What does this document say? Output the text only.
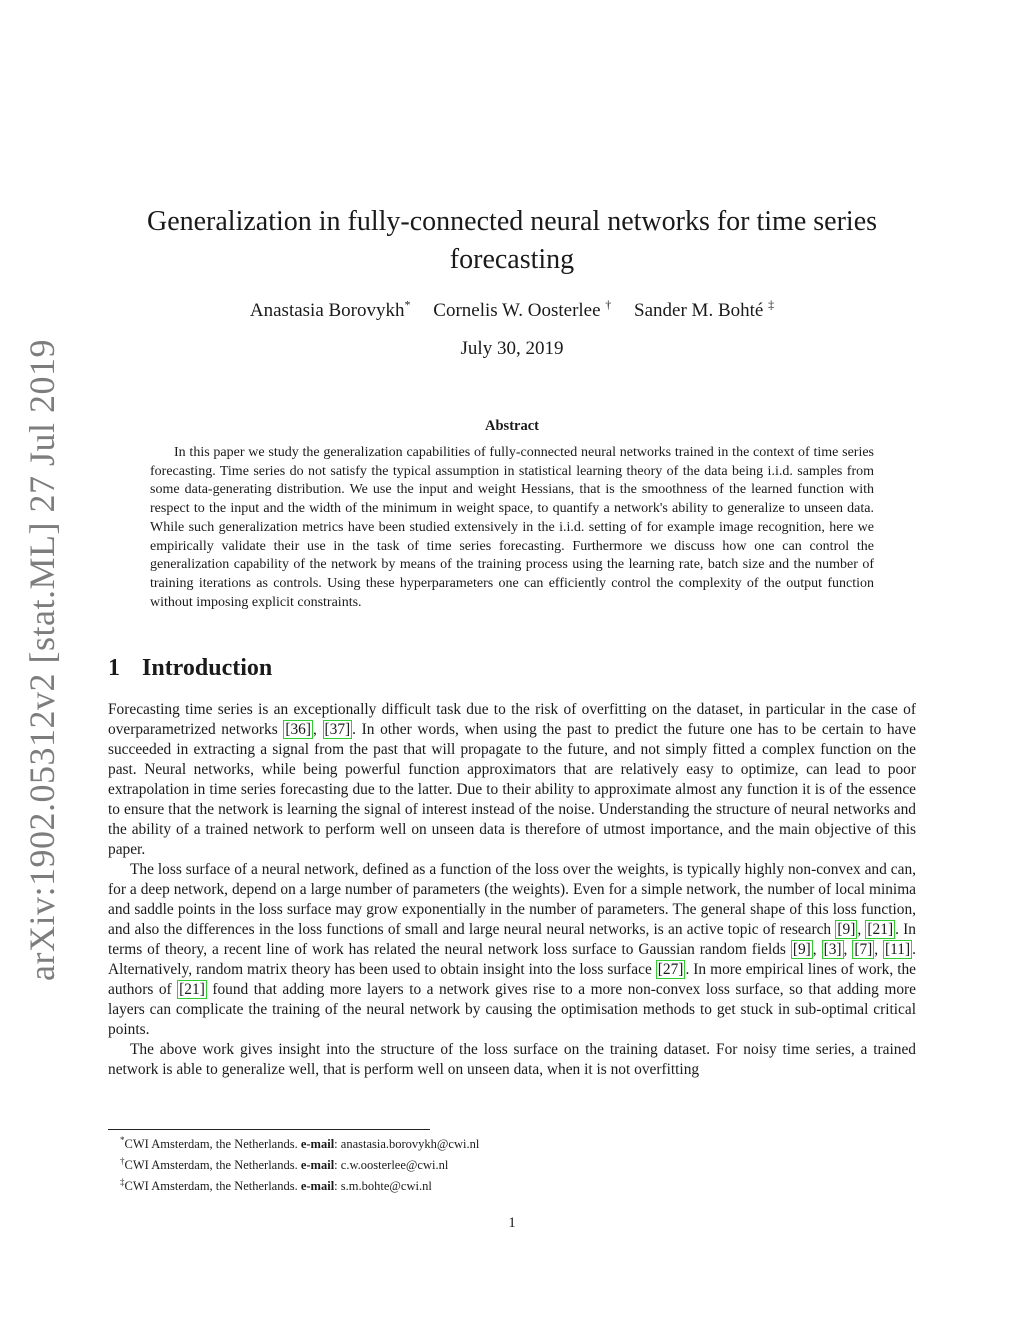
arXiv:1902.05312v2 [stat.ML] 27 Jul 2019
Generalization in fully-connected neural networks for time series forecasting
Anastasia Borovykh* Cornelis W. Oosterlee † Sander M. Bohté ‡
July 30, 2019
Abstract

In this paper we study the generalization capabilities of fully-connected neural networks trained in the context of time series forecasting. Time series do not satisfy the typical assumption in statistical learning theory of the data being i.i.d. samples from some data-generating distribution. We use the input and weight Hessians, that is the smoothness of the learned function with respect to the input and the width of the minimum in weight space, to quantify a network's ability to generalize to unseen data. While such generalization metrics have been studied extensively in the i.i.d. setting of for example image recognition, here we empirically validate their use in the task of time series forecasting. Furthermore we discuss how one can control the generalization capability of the network by means of the training process using the learning rate, batch size and the number of training iterations as controls. Using these hyperparameters one can efficiently control the complexity of the output function without imposing explicit constraints.

1 Introduction

Forecasting time series is an exceptionally difficult task due to the risk of overfitting on the dataset, in particular in the case of overparametrized networks [36] , [37] . In other words, when using the past to predict the future one has to be certain to have succeeded in extracting a signal from the past that will propagate to the future, and not simply fitted a complex function on the past. Neural networks, while being powerful function approximators that are relatively easy to optimize, can lead to poor extrapolation in time series forecasting due to the latter. Due to their ability to approximate almost any function it is of the essence to ensure that the network is learning the signal of interest instead of the noise. Understanding the structure of neural networks and the ability of a trained network to perform well on unseen data is therefore of utmost importance, and the main objective of this paper.

The loss surface of a neural network, defined as a function of the loss over the weights, is typically highly non-convex and can, for a deep network, depend on a large number of parameters (the weights). Even for a simple network, the number of local minima and saddle points in the loss surface may grow exponentially in the number of parameters. The general shape of this loss function, and also the differences in the loss functions of small and large neural neural networks, is an active topic of research [9] , [21] . In terms of theory, a recent line of work has related the neural network loss surface to Gaussian random fields [9] , [3] , [7] , [11] . Alternatively, random matrix theory has been used to obtain insight into the loss surface [27] . In more empirical lines of work, the authors of [21] found that adding more layers to a network gives rise to a more non-convex loss surface, so that adding more layers can complicate the training of the neural network by causing the optimisation methods to get stuck in sub-optimal critical points.

The above work gives insight into the structure of the loss surface on the training dataset. For noisy time series, a trained network is able to generalize well, that is perform well on unseen data, when it is not overfitting

*CWI Amsterdam, the Netherlands. e-mail: anastasia.borovykh@cwi.nl
†CWI Amsterdam, the Netherlands. e-mail: c.w.oosterlee@cwi.nl
‡CWI Amsterdam, the Netherlands. e-mail: s.m.bohte@cwi.nl
1
